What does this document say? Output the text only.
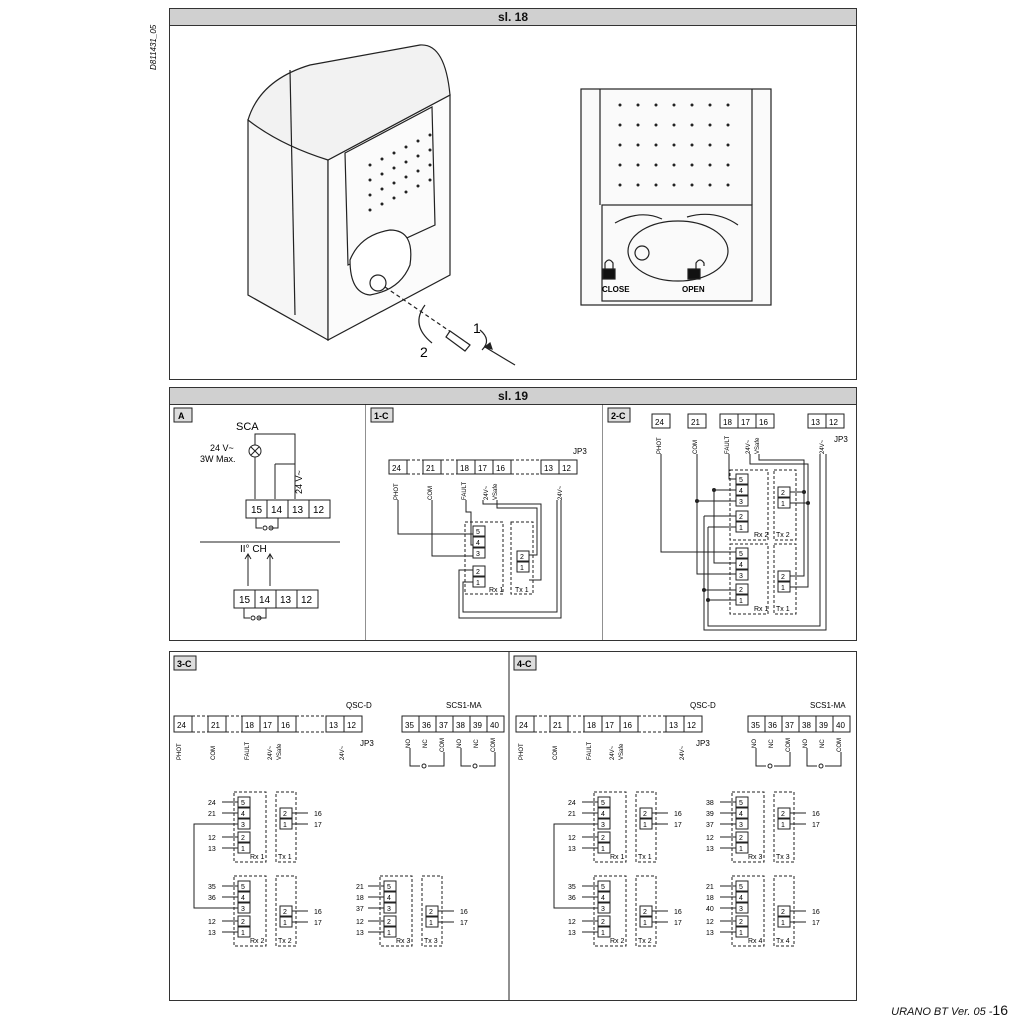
D811431_05
sl. 18
1
2
CLOSE	OPEN
sl. 19
A
SCA
24 V~
3W Max.
24 V~
15 14 13 12
II° CH
15 14 13 12
1-C
JP3
24	21	18 17 16	13 12
PHOT	COM	FAULT	24V~ VSafe	24V~
5
4
3
2
1
2
1
Rx 1 Tx 1
2-C
JP3
24	21	18 17 16	13 12
PHOT	COM	FAULT	24V~ VSafe	24V~
5
4
3
2
1
2
1
5
4
3
2
1
2
1
Rx 2 Tx 2
Rx 1 Tx 1
3-C
QSC-D	SCS1-MA
JP3
24	21	18 17 16	13 12	35 36 37 38 39 40
PHOT	COM	FAULT	24V~ VSafe	24V~
NO NC COM NO NC COM
5
4
3
2
1
2
1
Rx 1 Tx 1
24
21
12
13
16
17
5
4
3
2
1
2
1
Rx 2 Tx 2
35
36
12
13
16
17
5
4
3
2
1
2
1
Rx 3 Tx 3
21
18
37
12
13
16
17
4-C
QSC-D	SCS1-MA
JP3
24	21	18 17 16	13 12	35 36 37 38 39 40
PHOT	COM	FAULT	24V~ VSafe	24V~
NO NC COM NO NC COM
5
4
3
2
1
2
1
Rx 1 Tx 1
24
21
12
13
16
17
5
4
3
2
1
2
1
Rx 2 Tx 2
35
36
12
13
16
17
5
4
3
2
1
2
1
Rx 3 Tx 3
38
39
37
12
13
16
17
5
4
3
2
1
2
1
Rx 4 Tx 4
21
18
40
12
13
16
17
URANO BT Ver. 05 -16
